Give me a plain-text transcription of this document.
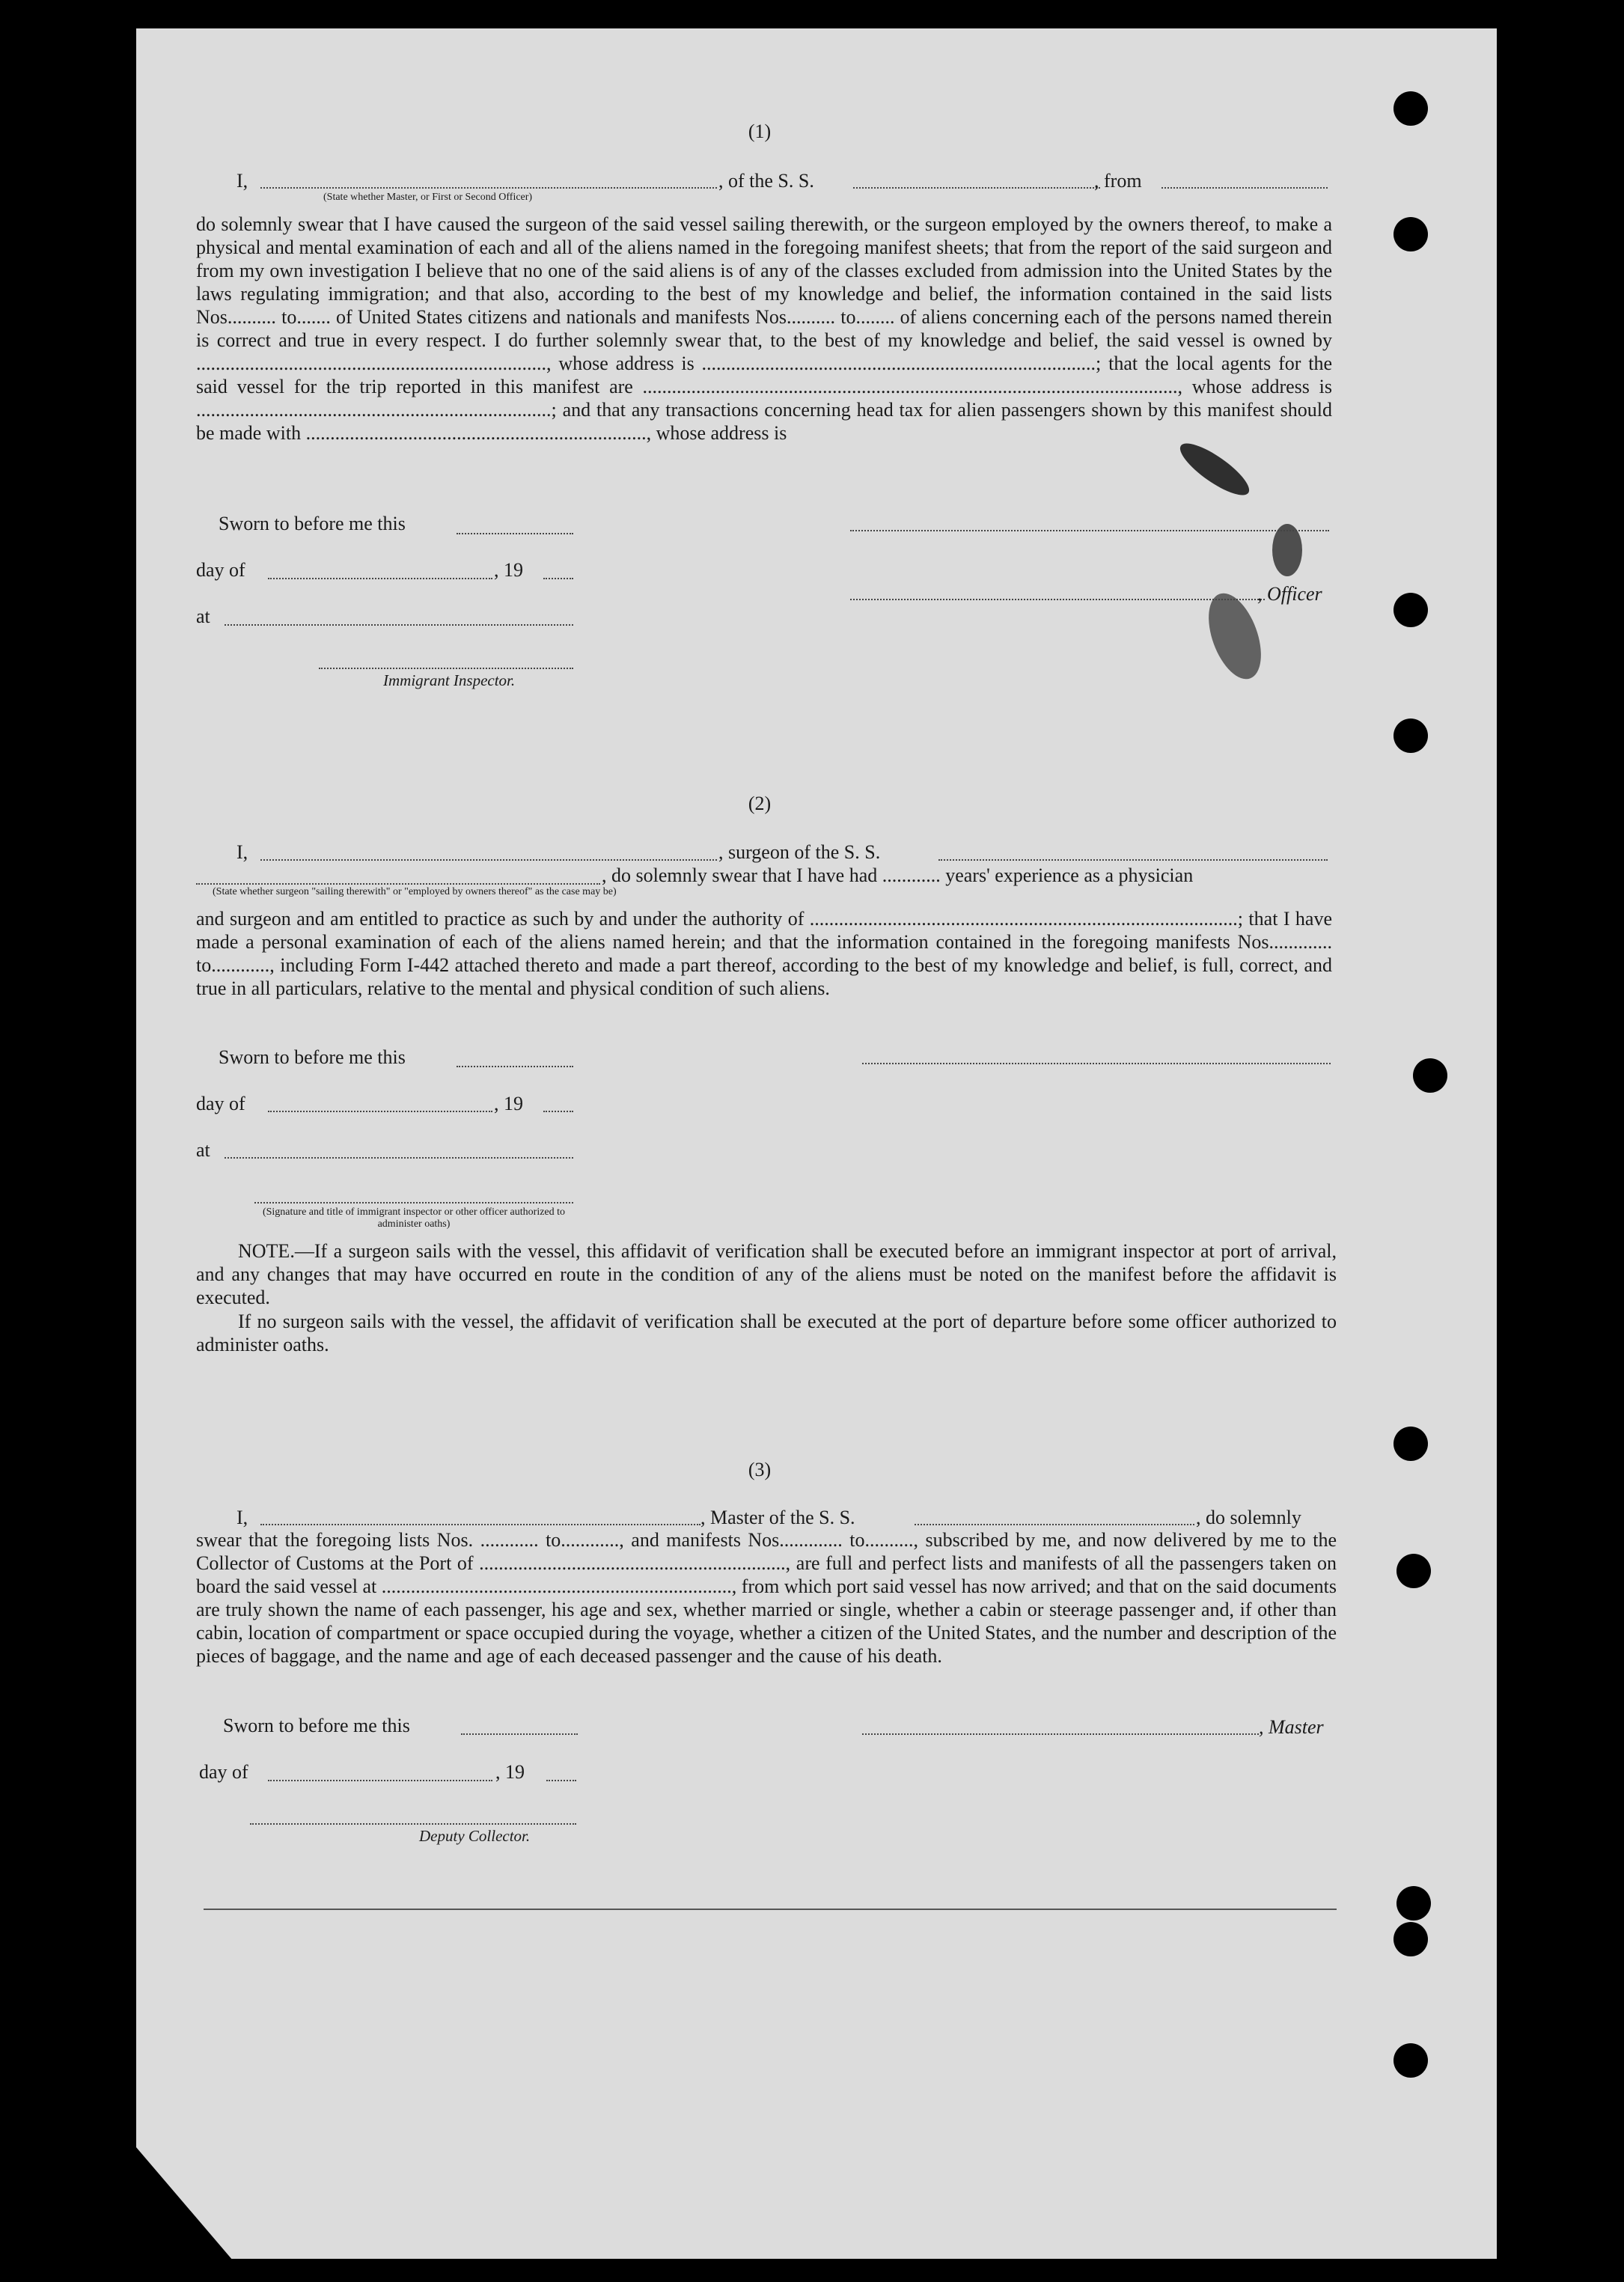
(1)
I,	, of the S. S.	, from
(State whether Master, or First or Second Officer)
do solemnly swear that I have caused the surgeon of the said vessel sailing therewith, or the surgeon employed by the owners thereof, to make a physical and mental examination of each and all of the aliens named in the foregoing manifest sheets; that from the report of the said surgeon and from my own investigation I believe that no one of the said aliens is of any of the classes excluded from admission into the United States by the laws regulating immigration; and that also, according to the best of my knowledge and belief, the information contained in the said lists Nos.......... to....... of United States citizens and nationals and manifests Nos.......... to........ of aliens concerning each of the persons named therein is correct and true in every respect. I do further solemnly swear that, to the best of my knowledge and belief, the said vessel is owned by ........................................................................, whose address is .................................................................................; that the local agents for the said vessel for the trip reported in this manifest are .............................................................................................................., whose address is .........................................................................; and that any transactions concerning head tax for alien passengers shown by this manifest should be made with ......................................................................, whose address is
Sworn to before me this
day of	, 19
at
Immigrant Inspector.
, Officer
(2)
I,	, surgeon of the S. S.
, do solemnly swear that I have had ............ years' experience as a physician
(State whether surgeon "sailing therewith" or "employed by owners thereof" as the case may be)
and surgeon and am entitled to practice as such by and under the authority of ........................................................................................; that I have made a personal examination of each of the aliens named herein; and that the information contained in the foregoing manifests Nos............. to............, including Form I-442 attached thereto and made a part thereof, according to the best of my knowledge and belief, is full, correct, and true in all particulars, relative to the mental and physical condition of such aliens.
Sworn to before me this
day of	, 19
at
(Signature and title of immigrant inspector or other officer authorized to administer oaths)
NOTE.—If a surgeon sails with the vessel, this affidavit of verification shall be executed before an immigrant inspector at port of arrival, and any changes that may have occurred en route in the condition of any of the aliens must be noted on the manifest before the affidavit is executed.
If no surgeon sails with the vessel, the affidavit of verification shall be executed at the port of departure before some officer authorized to administer oaths.
(3)
I,	, Master of the S. S.	, do solemnly
swear that the foregoing lists Nos. ............ to............, and manifests Nos............. to.........., subscribed by me, and now delivered by me to the Collector of Customs at the Port of ..............................................................., are full and perfect lists and manifests of all the passengers taken on board the said vessel at ........................................................................, from which port said vessel has now arrived; and that on the said documents are truly shown the name of each passenger, his age and sex, whether married or single, whether a cabin or steerage passenger and, if other than cabin, location of compartment or space occupied during the voyage, whether a citizen of the United States, and the number and description of the pieces of baggage, and the name and age of each deceased passenger and the cause of his death.
Sworn to before me this	, Master
day of	, 19
Deputy Collector.
